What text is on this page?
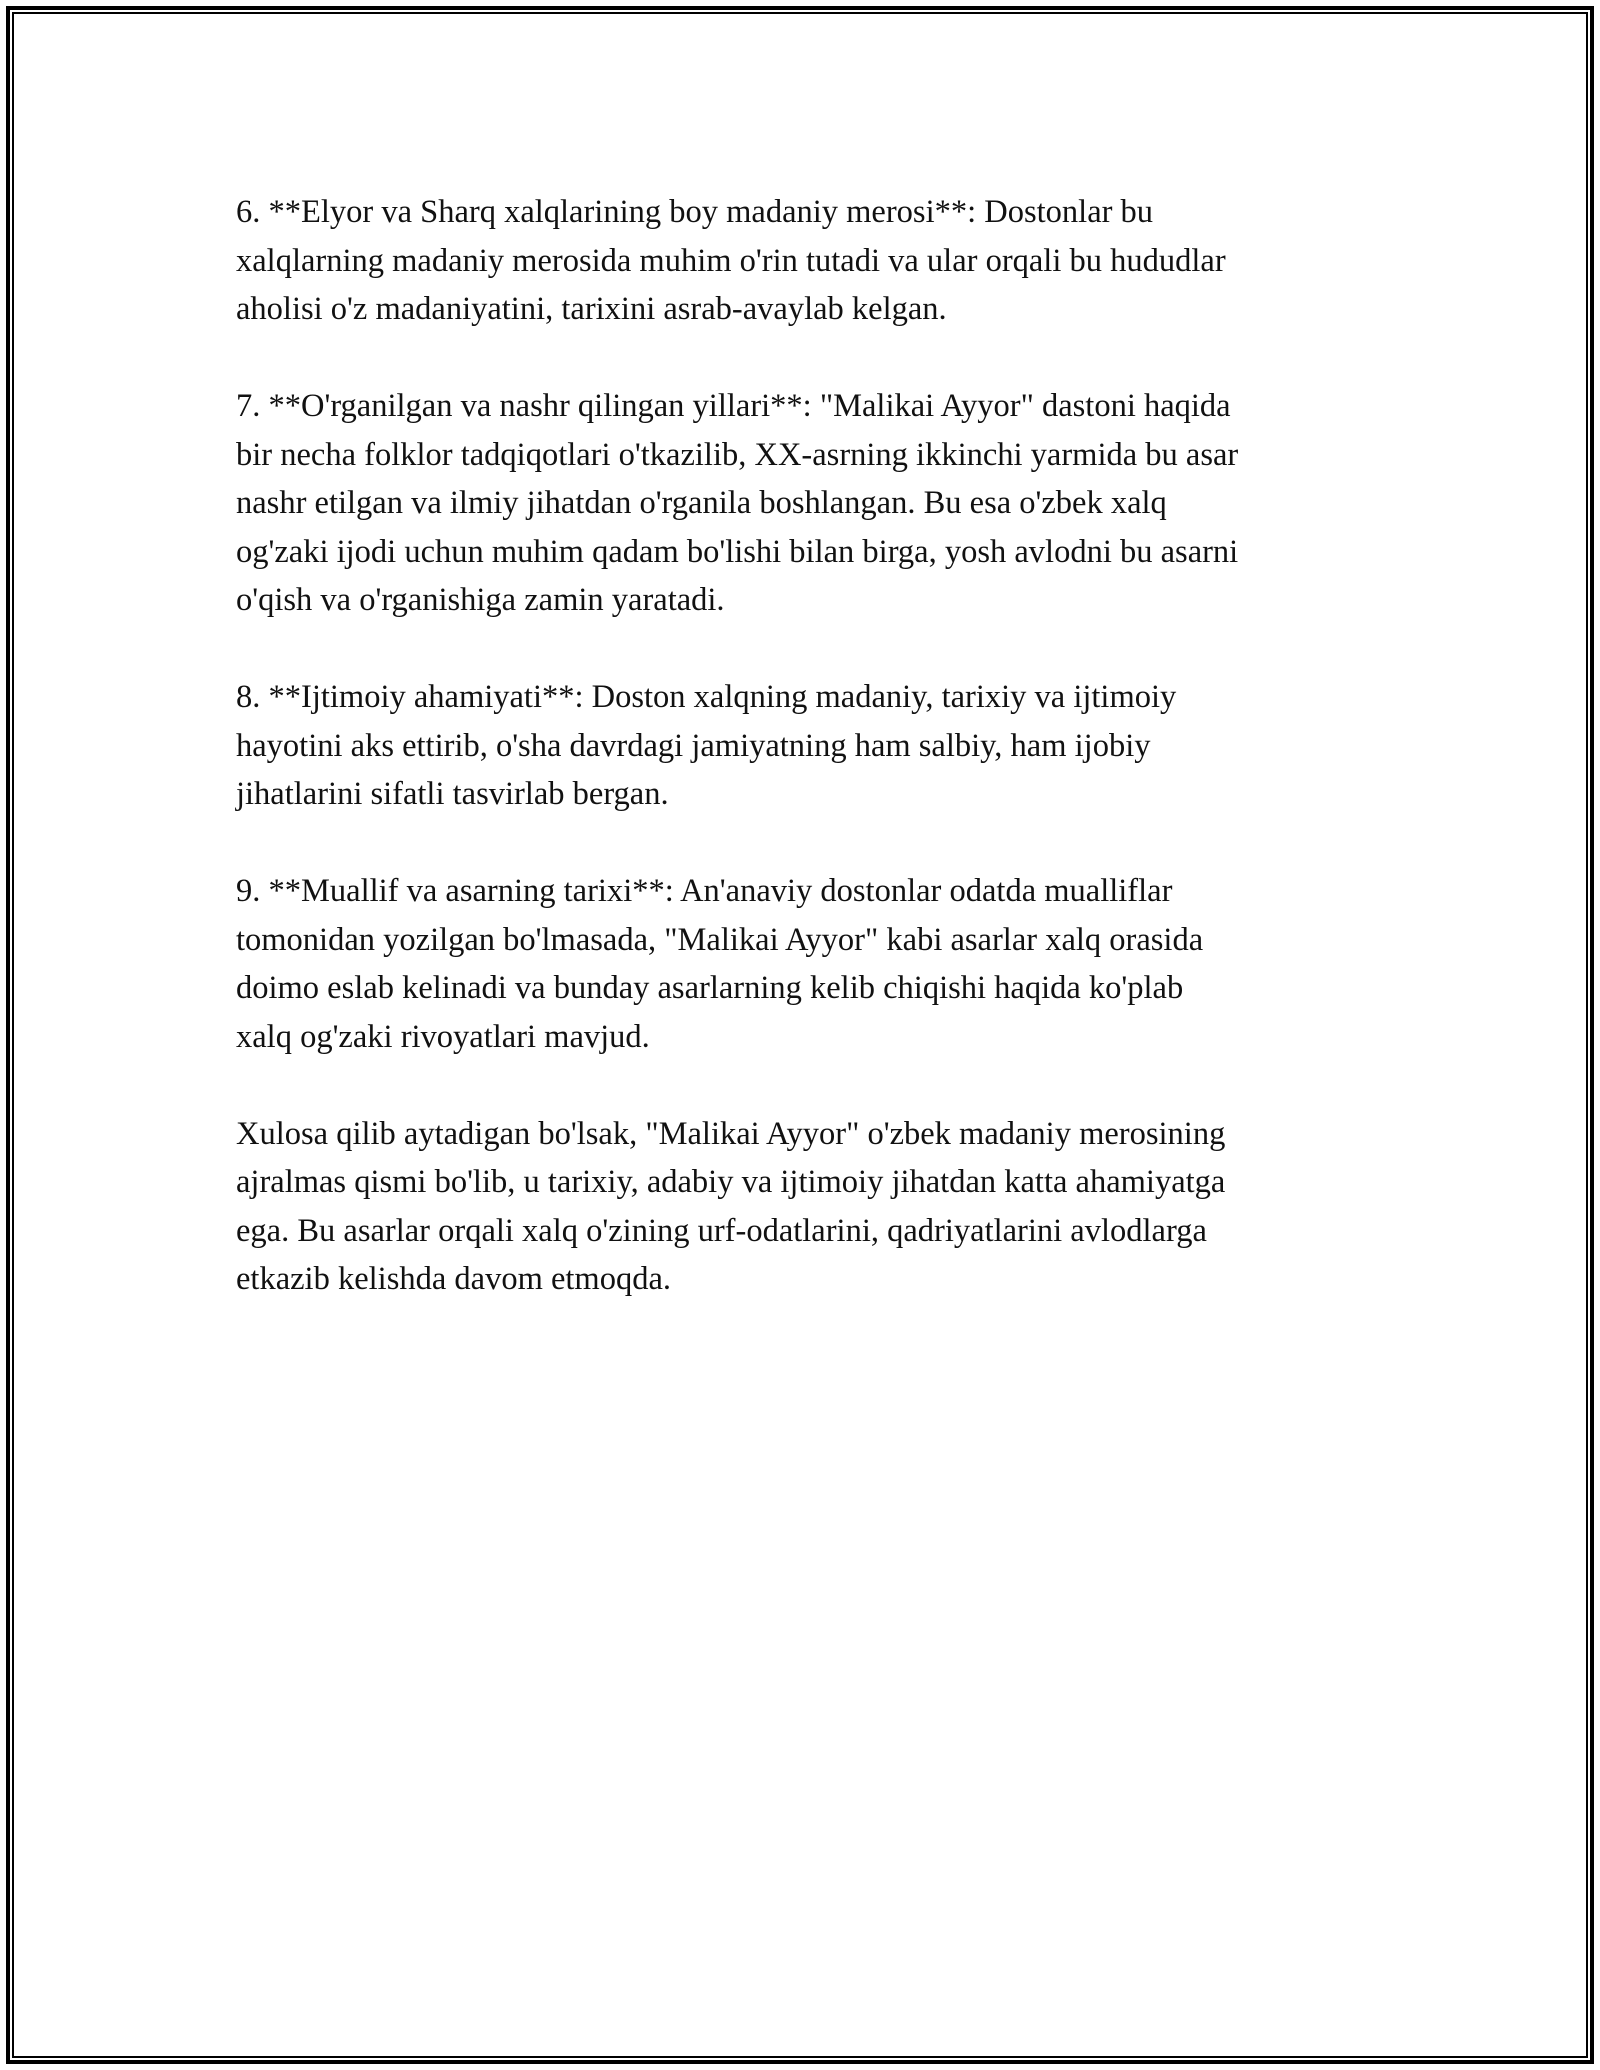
6. **Elyor va Sharq xalqlarining boy madaniy merosi**: Dostonlar bu
xalqlarning madaniy merosida muhim o'rin tutadi va ular orqali bu hududlar
aholisi o'z madaniyatini, tarixini asrab-avaylab kelgan.

7. **O'rganilgan va nashr qilingan yillari**: "Malikai Ayyor" dastoni haqida
bir necha folklor tadqiqotlari o'tkazilib, XX-asrning ikkinchi yarmida bu asar
nashr etilgan va ilmiy jihatdan o'rganila boshlangan. Bu esa o'zbek xalq
og'zaki ijodi uchun muhim qadam bo'lishi bilan birga, yosh avlodni bu asarni
o'qish va o'rganishiga zamin yaratadi.

8. **Ijtimoiy ahamiyati**: Doston xalqning madaniy, tarixiy va ijtimoiy
hayotini aks ettirib, o'sha davrdagi jamiyatning ham salbiy, ham ijobiy
jihatlarini sifatli tasvirlab bergan.

9. **Muallif va asarning tarixi**: An'anaviy dostonlar odatda mualliflar
tomonidan yozilgan bo'lmasada, "Malikai Ayyor" kabi asarlar xalq orasida
doimo eslab kelinadi va bunday asarlarning kelib chiqishi haqida ko'plab
xalq og'zaki rivoyatlari mavjud.

Xulosa qilib aytadigan bo'lsak, "Malikai Ayyor" o'zbek madaniy merosining
ajralmas qismi bo'lib, u tarixiy, adabiy va ijtimoiy jihatdan katta ahamiyatga
ega. Bu asarlar orqali xalq o'zining urf-odatlarini, qadriyatlarini avlodlarga
etkazib kelishda davom etmoqda.
